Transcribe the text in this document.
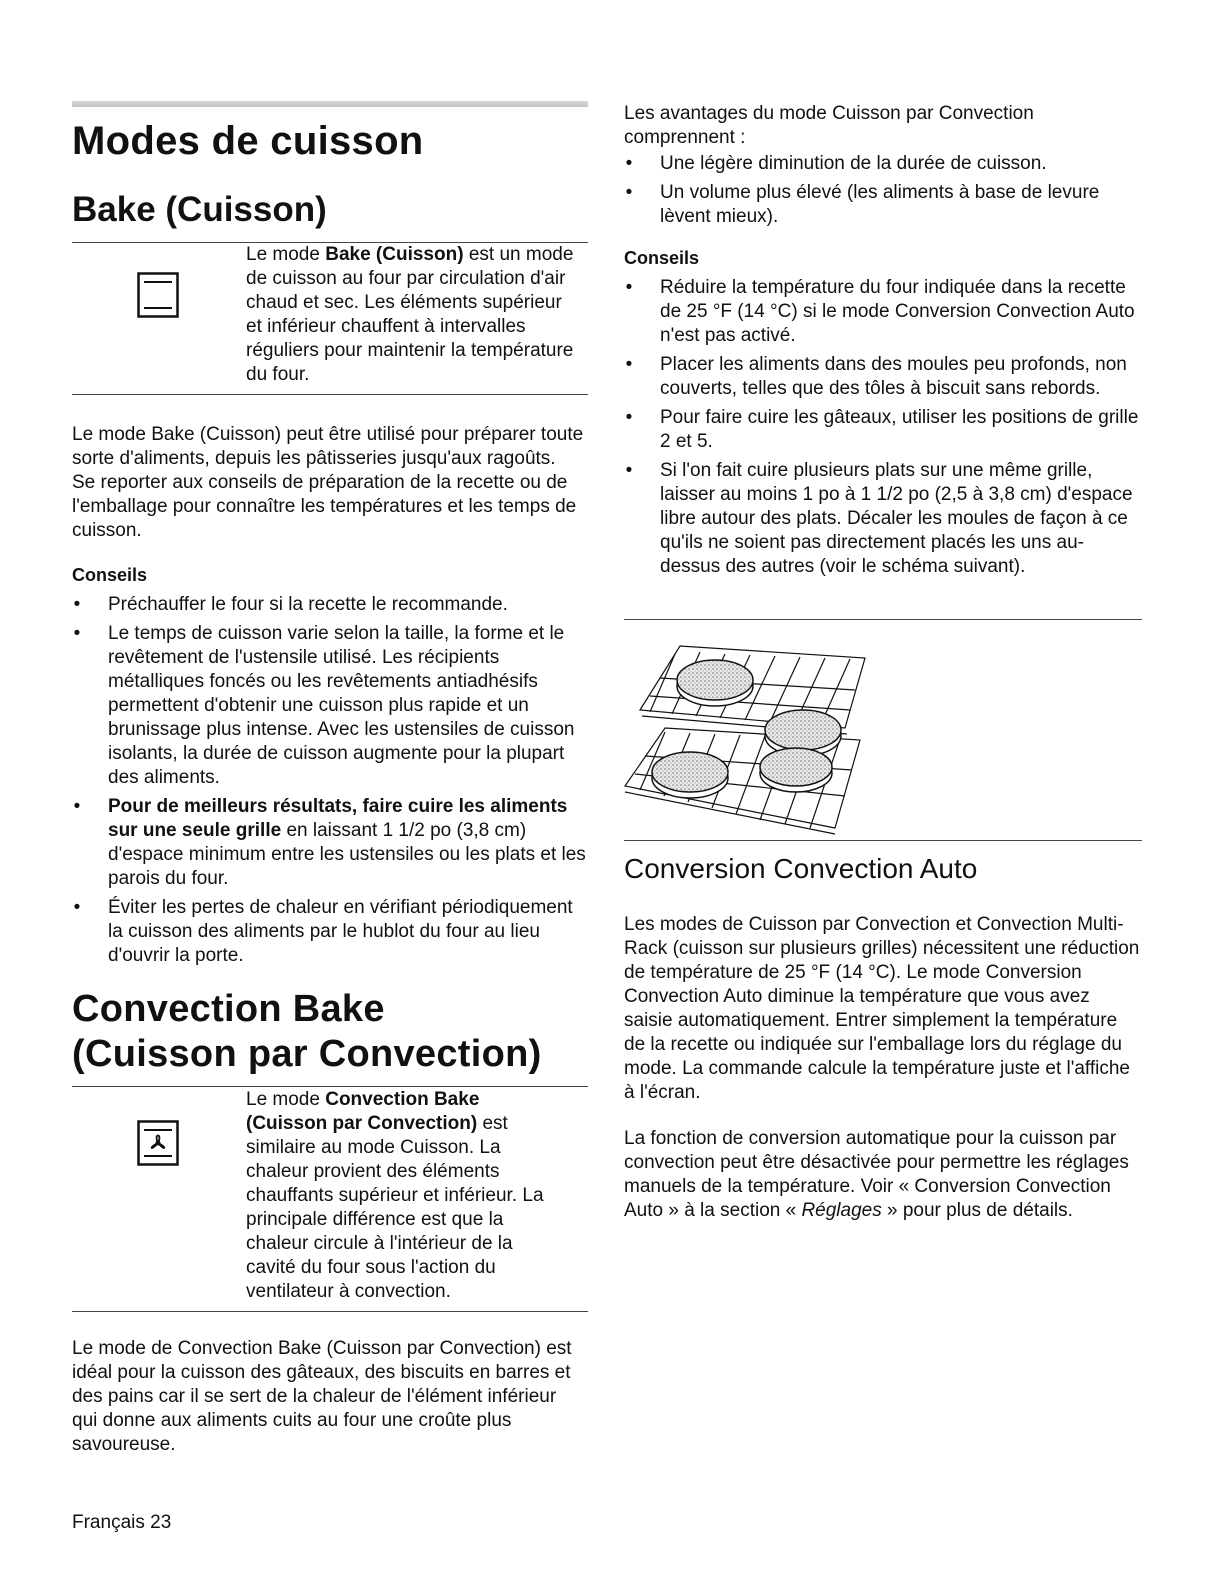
Modes de cuisson
Bake (Cuisson)

Le mode Bake (Cuisson) est un mode de cuisson au four par circulation d'air chaud et sec. Les éléments supérieur et inférieur chauffent à intervalles réguliers pour maintenir la température du four.

Le mode Bake (Cuisson) peut être utilisé pour préparer toute sorte d'aliments, depuis les pâtisseries jusqu'aux ragoûts. Se reporter aux conseils de préparation de la recette ou de l'emballage pour connaître les températures et les temps de cuisson.

Conseils

• Préchauffer le four si la recette le recommande.
• Le temps de cuisson varie selon la taille, la forme et le revêtement de l'ustensile utilisé. Les récipients métalliques foncés ou les revêtements antiadhésifs permettent d'obtenir une cuisson plus rapide et un brunissage plus intense. Avec les ustensiles de cuisson isolants, la durée de cuisson augmente pour la plupart des aliments.
• Pour de meilleurs résultats, faire cuire les aliments sur une seule grille en laissant 1 1/2 po (3,8 cm) d'espace minimum entre les ustensiles ou les plats et les parois du four.
• Éviter les pertes de chaleur en vérifiant périodiquement la cuisson des aliments par le hublot du four au lieu d'ouvrir la porte.
Convection Bake
(Cuisson par Convection)

Le mode Convection Bake (Cuisson par Convection) est similaire au mode Cuisson. La chaleur provient des éléments chauffants supérieur et inférieur. La principale différence est que la chaleur circule à l'intérieur de la cavité du four sous l'action du ventilateur à convection.

Le mode de Convection Bake (Cuisson par Convection) est idéal pour la cuisson des gâteaux, des biscuits en barres et des pains car il se sert de la chaleur de l'élément inférieur qui donne aux aliments cuits au four une croûte plus savoureuse.

Français 23

Les avantages du mode Cuisson par Convection comprennent :

• Une légère diminution de la durée de cuisson.
• Un volume plus élevé (les aliments à base de levure lèvent mieux).

Conseils

• Réduire la température du four indiquée dans la recette de 25 °F (14 °C) si le mode Conversion Convection Auto n'est pas activé.
• Placer les aliments dans des moules peu profonds, non couverts, telles que des tôles à biscuit sans rebords.
• Pour faire cuire les gâteaux, utiliser les positions de grille 2 et 5.
• Si l'on fait cuire plusieurs plats sur une même grille, laisser au moins 1 po à 1 1/2 po (2,5 à 3,8 cm) d'espace libre autour des plats. Décaler les moules de façon à ce qu'ils ne soient pas directement placés les uns au-dessus des autres (voir le schéma suivant).
Conversion Convection Auto

Les modes de Cuisson par Convection et Convection Multi-Rack (cuisson sur plusieurs grilles) nécessitent une réduction de température de 25 °F (14 °C). Le mode Conversion Convection Auto diminue la température que vous avez saisie automatiquement. Entrer simplement la température de la recette ou indiquée sur l'emballage lors du réglage du mode. La commande calcule la température juste et l'affiche à l'écran.

La fonction de conversion automatique pour la cuisson par convection peut être désactivée pour permettre les réglages manuels de la température. Voir « Conversion Convection Auto » à la section « Réglages » pour plus de détails.
